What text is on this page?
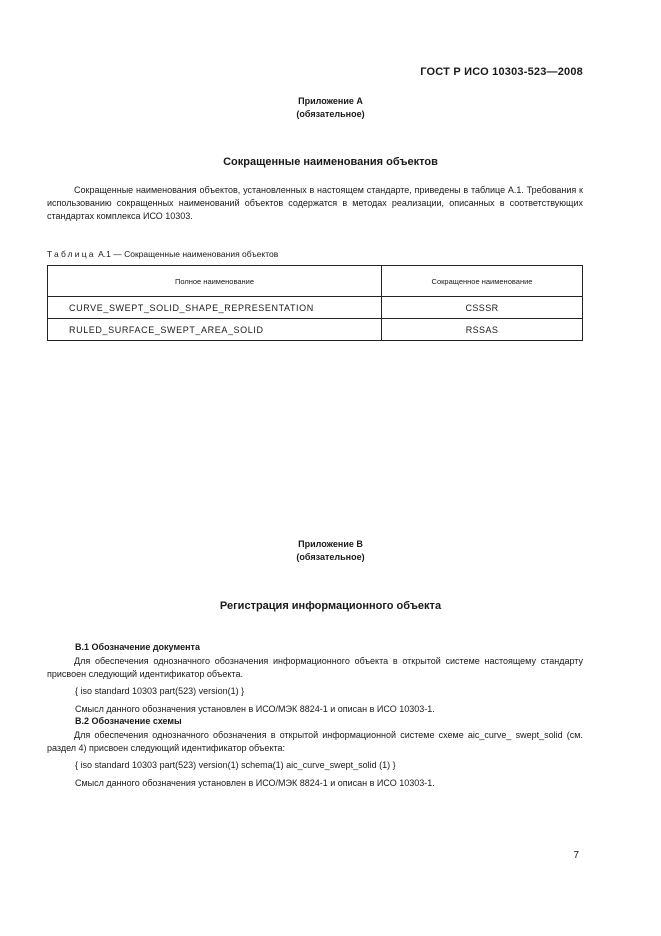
ГОСТ Р ИСО 10303-523—2008
Приложение А
(обязательное)
Сокращенные наименования объектов
Сокращенные наименования объектов, установленных в настоящем стандарте, приведены в таблице А.1. Требования к использованию сокращенных наименований объектов содержатся в методах реализации, описанных в соответствующих стандартах комплекса ИСО 10303.
Таблица А.1 — Сокращенные наименования объектов
Полное наименование	Сокращенное наименование
CURVE_SWEPT_SOLID_SHAPE_REPRESENTATION	CSSSR
RULED_SURFACE_SWEPT_AREA_SOLID	RSSAS
Приложение В
(обязательное)
Регистрация информационного объекта
В.1 Обозначение документа
Для обеспечения однозначного обозначения информационного объекта в открытой системе настоящему стандарту присвоен следующий идентификатор объекта.
{ iso standard 10303 part(523) version(1) }
Смысл данного обозначения установлен в ИСО/МЭК 8824-1 и описан в ИСО 10303-1.
В.2 Обозначение схемы
Для обеспечения однозначного обозначения в открытой информационной системе схеме aic_curve_ swept_solid (см. раздел 4) присвоен следующий идентификатор объекта:
{ iso standard 10303 part(523) version(1) schema(1) aic_curve_swept_solid (1) }
Смысл данного обозначения установлен в ИСО/МЭК 8824-1 и описан в ИСО 10303-1.
7
